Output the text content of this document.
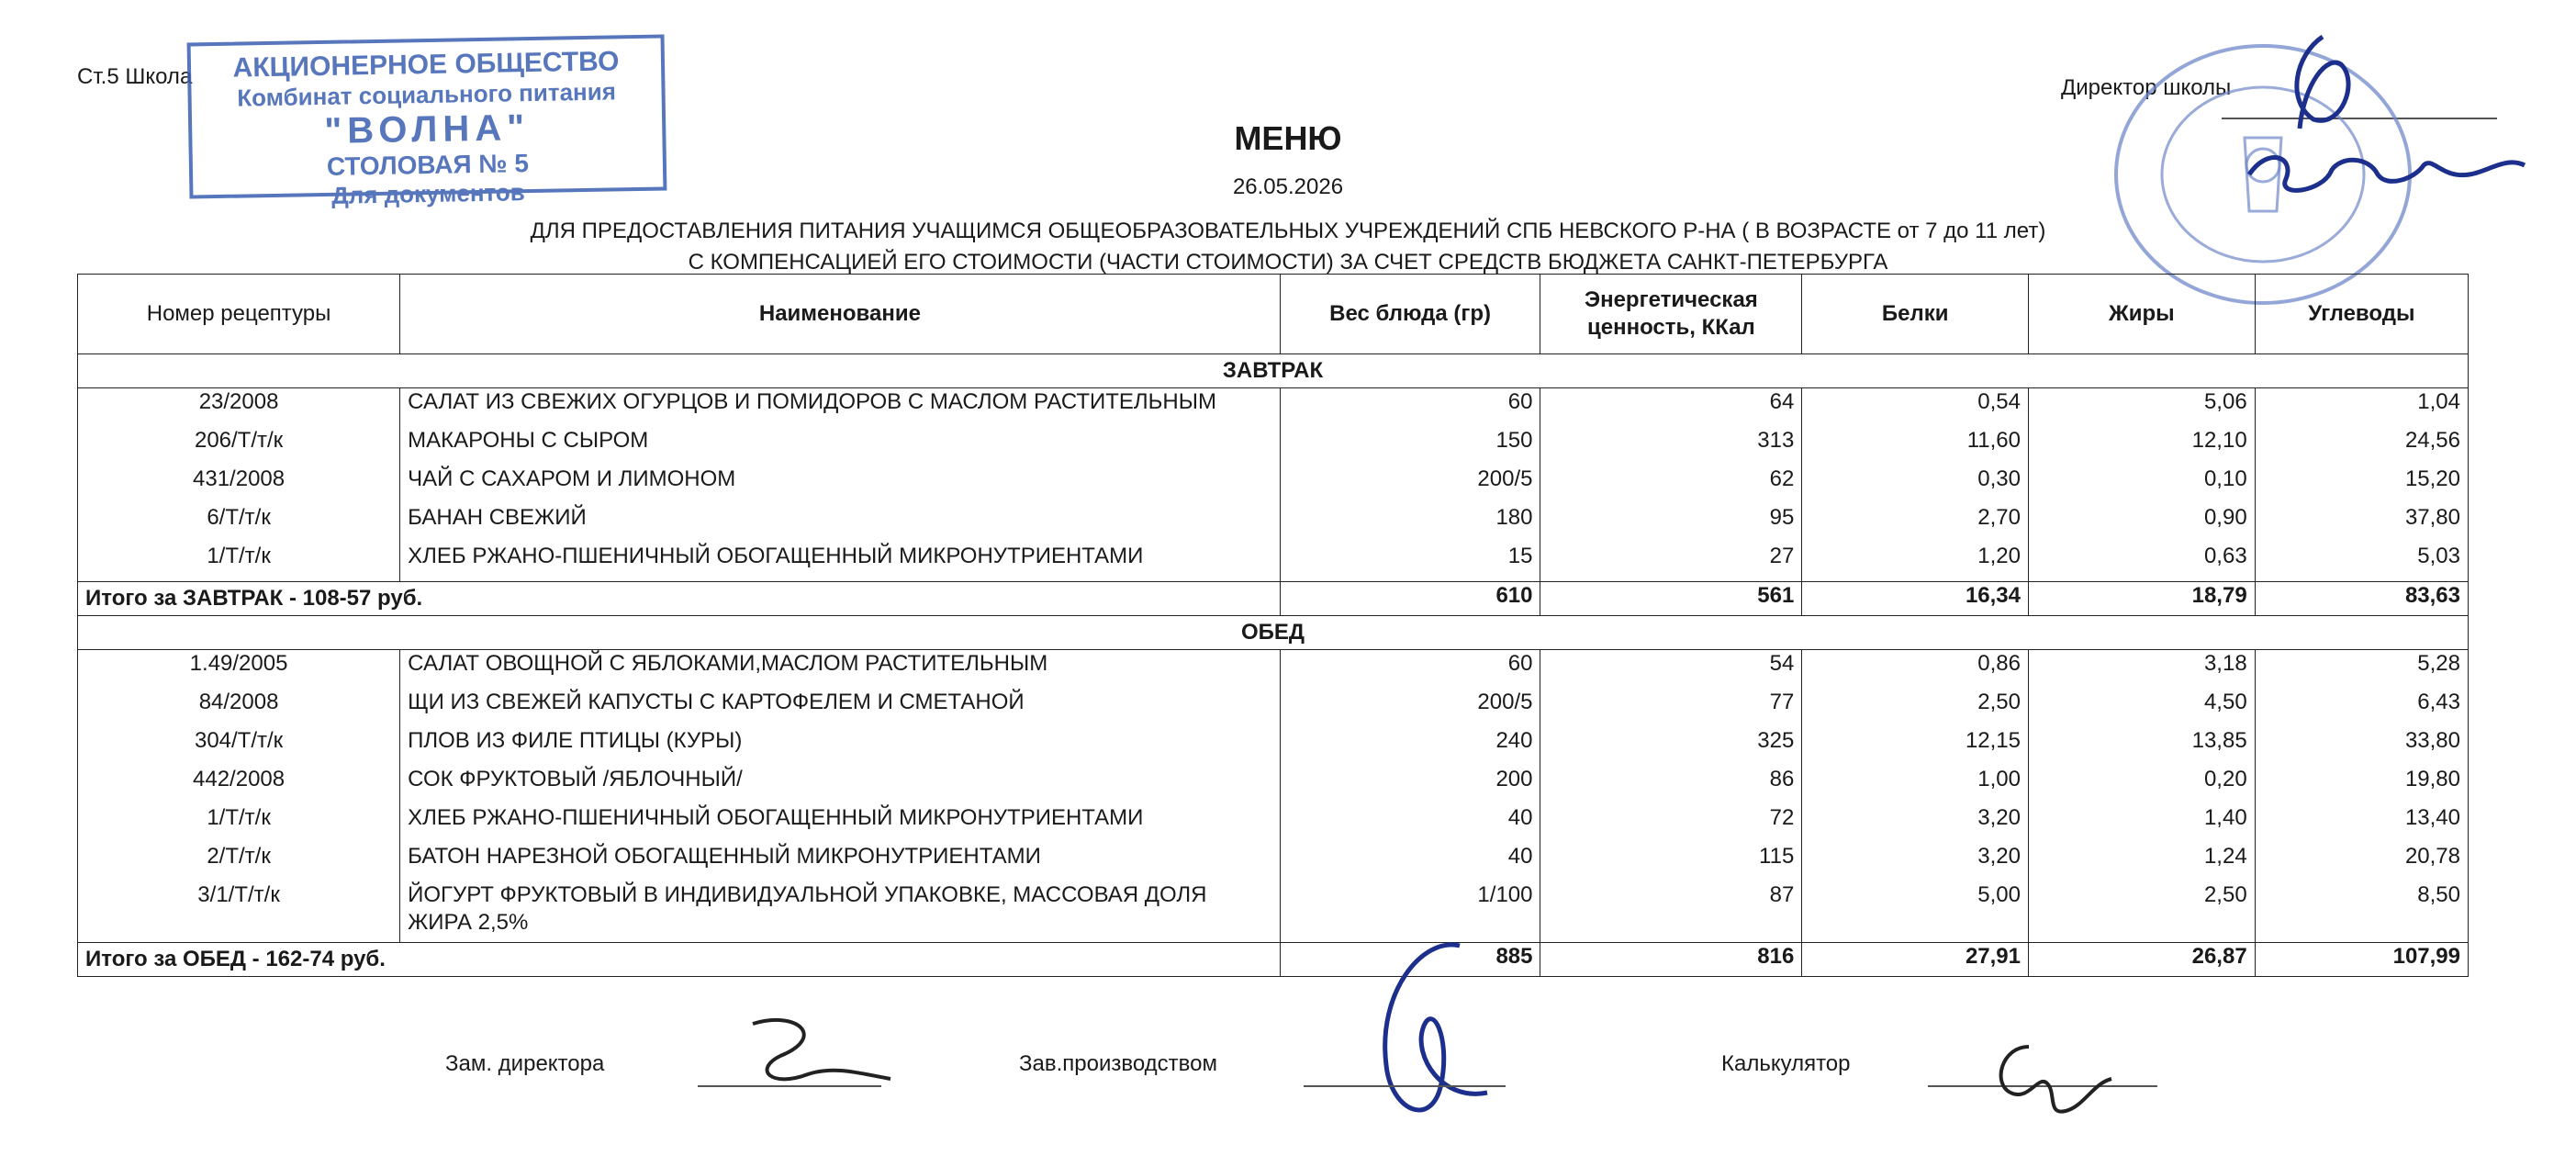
Ст.5 Школа	АКЦИОНЕРНОЕ ОБЩЕСТВО
Комбинат социального питания
"ВОЛНА"
СТОЛОВАЯ № 5
Для документов
Директор школы
МЕНЮ
26.05.2026
ДЛЯ ПРЕДОСТАВЛЕНИЯ ПИТАНИЯ УЧАЩИМСЯ ОБЩЕОБРАЗОВАТЕЛЬНЫХ УЧРЕЖДЕНИЙ СПБ НЕВСКОГО Р-НА ( В ВОЗРАСТЕ от 7 до 11 лет)
С КОМПЕНСАЦИЕЙ ЕГО СТОИМОСТИ (ЧАСТИ СТОИМОСТИ) ЗА СЧЕТ СРЕДСТВ БЮДЖЕТА САНКТ-ПЕТЕРБУРГА
Номер рецептуры	Наименование	Вес блюда (гр)	Энергетическая ценность, ККал	Белки	Жиры	Углеводы
ЗАВТРАК						
23/2008	САЛАТ ИЗ СВЕЖИХ ОГУРЦОВ И ПОМИДОРОВ С МАСЛОМ РАСТИТЕЛЬНЫМ	60	64	0,54	5,06	1,04
206/Т/т/к	МАКАРОНЫ С СЫРОМ	150	313	11,60	12,10	24,56
431/2008	ЧАЙ С САХАРОМ И ЛИМОНОМ	200/5	62	0,30	0,10	15,20
6/Т/т/к	БАНАН СВЕЖИЙ	180	95	2,70	0,90	37,80
1/Т/т/к	ХЛЕБ РЖАНО-ПШЕНИЧНЫЙ ОБОГАЩЕННЫЙ МИКРОНУТРИЕНТАМИ	15	27	1,20	0,63	5,03
Итого за ЗАВТРАК - 108-57 руб.		610	561	16,34	18,79	83,63
ОБЕД						
1.49/2005	САЛАТ ОВОЩНОЙ С ЯБЛОКАМИ,МАСЛОМ РАСТИТЕЛЬНЫМ	60	54	0,86	3,18	5,28
84/2008	ЩИ ИЗ СВЕЖЕЙ КАПУСТЫ С КАРТОФЕЛЕМ И СМЕТАНОЙ	200/5	77	2,50	4,50	6,43
304/Т/т/к	ПЛОВ ИЗ ФИЛЕ ПТИЦЫ (КУРЫ)	240	325	12,15	13,85	33,80
442/2008	СОК ФРУКТОВЫЙ /ЯБЛОЧНЫЙ/	200	86	1,00	0,20	19,80
1/Т/т/к	ХЛЕБ РЖАНО-ПШЕНИЧНЫЙ ОБОГАЩЕННЫЙ МИКРОНУТРИЕНТАМИ	40	72	3,20	1,40	13,40
2/Т/т/к	БАТОН НАРЕЗНОЙ ОБОГАЩЕННЫЙ МИКРОНУТРИЕНТАМИ	40	115	3,20	1,24	20,78
3/1/Т/т/к	ЙОГУРТ ФРУКТОВЫЙ В ИНДИВИДУАЛЬНОЙ УПАКОВКЕ, МАССОВАЯ ДОЛЯ ЖИРА 2,5%	1/100	87	5,00	2,50	8,50
Итого за ОБЕД - 162-74 руб.		885	816	27,91	26,87	107,99
Зам. директора	Зав.производством	Калькулятор
